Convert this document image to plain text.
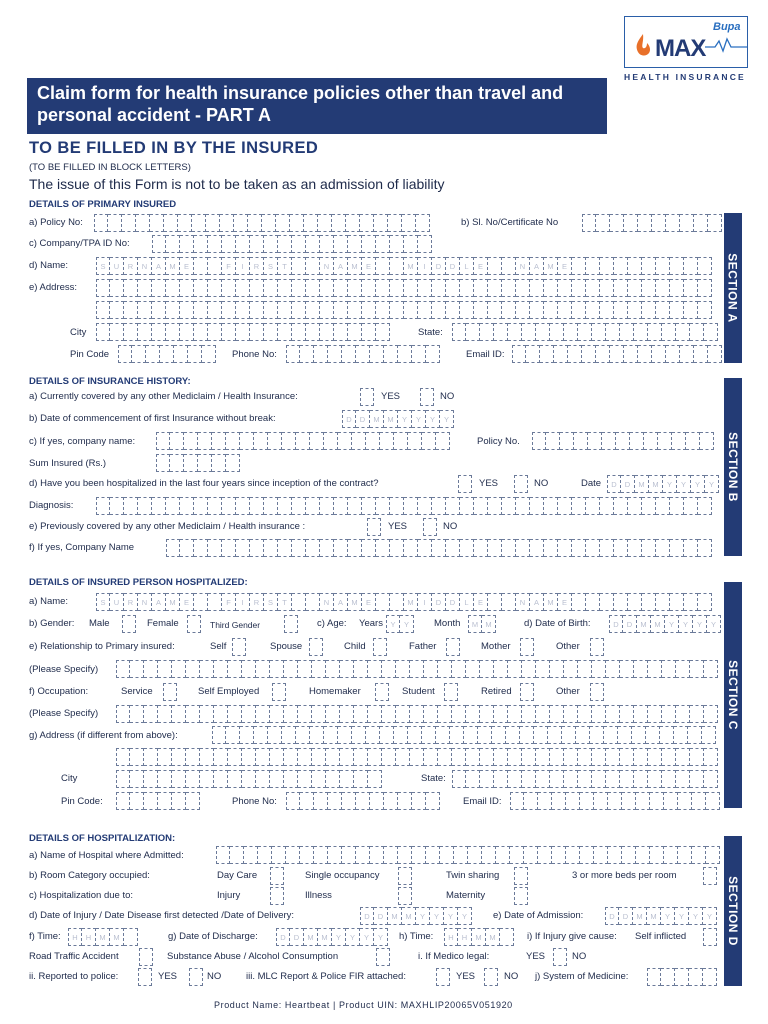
MAX
Bupa
HEALTH INSURANCE
Claim form for health insurance policies other than travel and personal accident - PART A
TO BE FILLED IN BY THE INSURED
(TO BE FILLED IN BLOCK LETTERS)
The issue of this Form is not to be taken as an admission of liability
SECTION A
SECTION B
SECTION C
SECTION D
DETAILS OF PRIMARY INSURED
a) Policy No:	b) Sl. No/Certificate No
c) Company/TPA ID No:
d) Name:	S	U	R	N	A	M	E	F	I	R	S	T	N	A	M	E	M	I	D	D	L	E	N	A	M	E
e) Address:
City	State:
Pin Code	Phone No:	Email ID:
DETAILS OF INSURANCE HISTORY:
a) Currently covered by any other Mediclaim / Health Insurance:	YES	NO
b) Date of commencement of first Insurance without break:	D	D	M	M	Y	Y	Y	Y
c) If yes, company name:	Policy No.
Sum Insured (Rs.)
d) Have you been hospitalized in the last four years since inception of the contract?	YES	NO	Date	D	D	M	M	Y	Y	Y	Y
Diagnosis:
e) Previously covered by any other Mediclaim / Health insurance :	YES	NO
f) If yes, Company Name
DETAILS OF INSURED PERSON HOSPITALIZED:
a) Name:	S	U	R	N	A	M	E	F	I	R	S	T	N	A	M	E	M	I	D	D	L	E	N	A	M	E
b) Gender: Male	Female	Third Gender	c) Age: Years	Y	Y	Month	M M	d) Date of Birth:	D	D	M	M	Y	Y	Y	Y
e) Relationship to Primary insured:	Self	Spouse	Child	Father	Mother	Other
(Please Specify)
f) Occupation:	Service	Self Employed	Homemaker	Student	Retired	Other
(Please Specify)
g) Address (if different from above):
City	State:
Pin Code:	Phone No:	Email ID:
DETAILS OF HOSPITALIZATION:
a) Name of Hospital where Admitted:
b) Room Category occupied:	Day Care	Single occupancy	Twin sharing	3 or more beds per room
c) Hospitalization due to:	Injury	Illness	Maternity
d) Date of Injury / Date Disease first detected /Date of Delivery:	D	D	M	M	Y	Y	Y	Y	e) Date of Admission:	D	D	M	M	Y	Y	Y	Y
f) Time:	H	H	M	M	g) Date of Discharge:	D	D	M	M	Y	Y	Y	Y	h) Time:	H	H	M	M	i) If Injury give cause: Self inflicted
Road Traffic Accident	Substance Abuse / Alcohol Consumption	i. If Medico legal:	YES	NO
ii. Reported to police:	YES	NO	iii. MLC Report & Police FIR attached:	YES	NO j) System of Medicine:
Product Name: Heartbeat | Product UIN: MAXHLIP20065V051920
